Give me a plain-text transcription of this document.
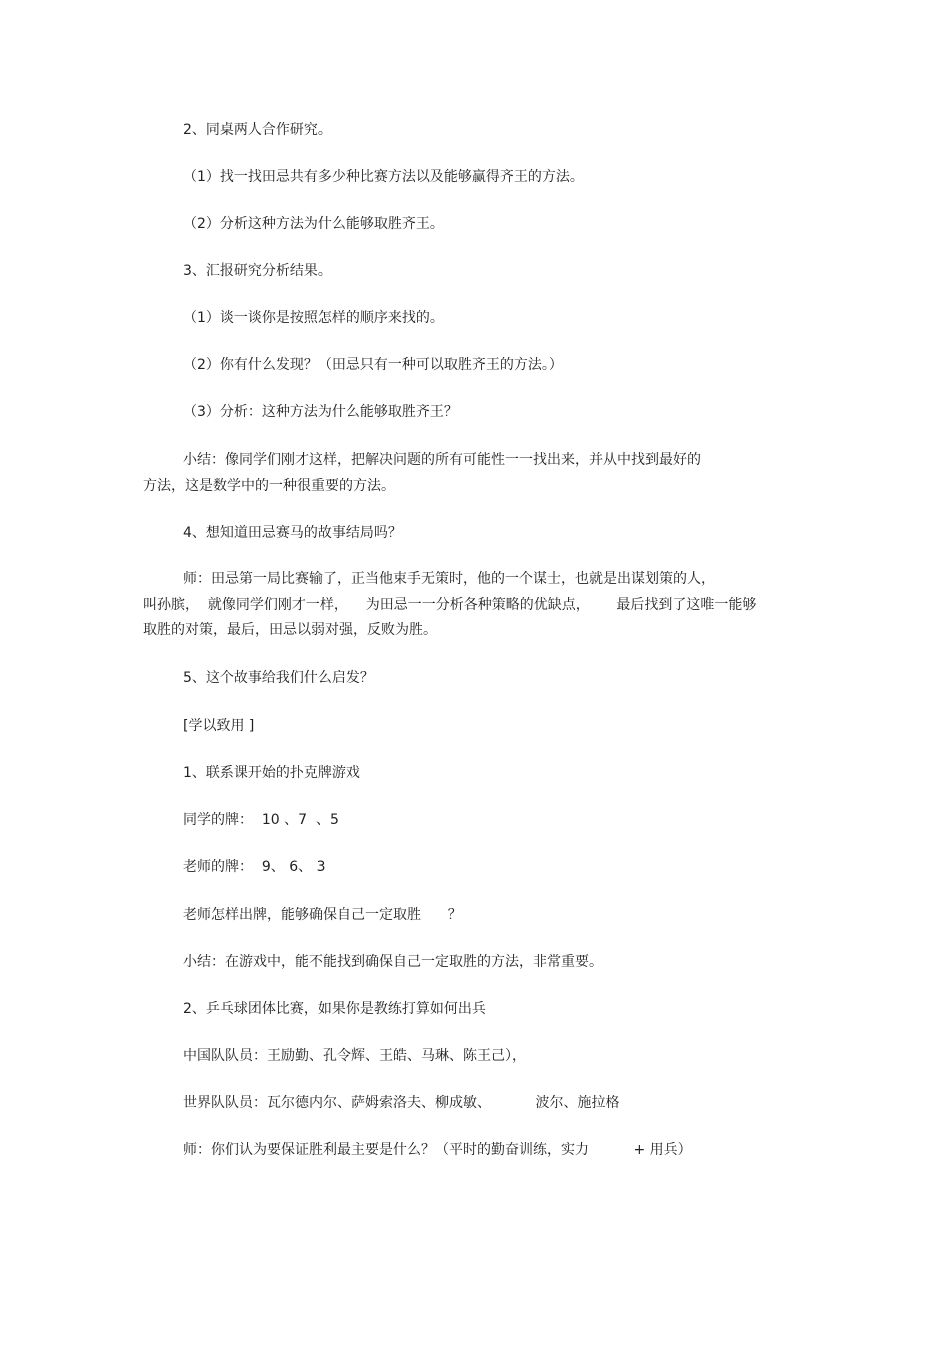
2、同桌两人合作研究。
（1）找一找田忌共有多少种比赛方法以及能够赢得齐王的方法。
（2）分析这种方法为什么能够取胜齐王。
3、汇报研究分析结果。
（1）谈一谈你是按照怎样的顺序来找的。
（2）你有什么发现？（田忌只有一种可以取胜齐王的方法。）
（3）分析：这种方法为什么能够取胜齐王？
小结：像同学们刚才这样，把解决问题的所有可能性一一找出来，并从中找到最好的
方法，这是数学中的一种很重要的方法。
4、想知道田忌赛马的故事结局吗？
师：田忌第一局比赛输了，正当他束手无策时，他的一个谋士，也就是出谋划策的人，
叫孙膑，  就像同学们刚才一样，    为田忌一一分析各种策略的优缺点，      最后找到了这唯一能够
取胜的对策，最后，田忌以弱对强，反败为胜。
5、这个故事给我们什么启发？
[学以致用 ]
1、联系课开始的扑克牌游戏
同学的牌：  10 、7  、5
老师的牌：  9、 6、 3
老师怎样出牌，能够确保自己一定取胜      ？
小结：在游戏中，能不能找到确保自己一定取胜的方法，非常重要。
2、乒乓球团体比赛，如果你是教练打算如何出兵
中国队队员：王励勤、孔令辉、王皓、马琳、陈王己），
世界队队员：瓦尔德内尔、萨姆索洛夫、柳成敏、          波尔、施拉格
师：你们认为要保证胜利最主要是什么？（平时的勤奋训练，实力          + 用兵）
